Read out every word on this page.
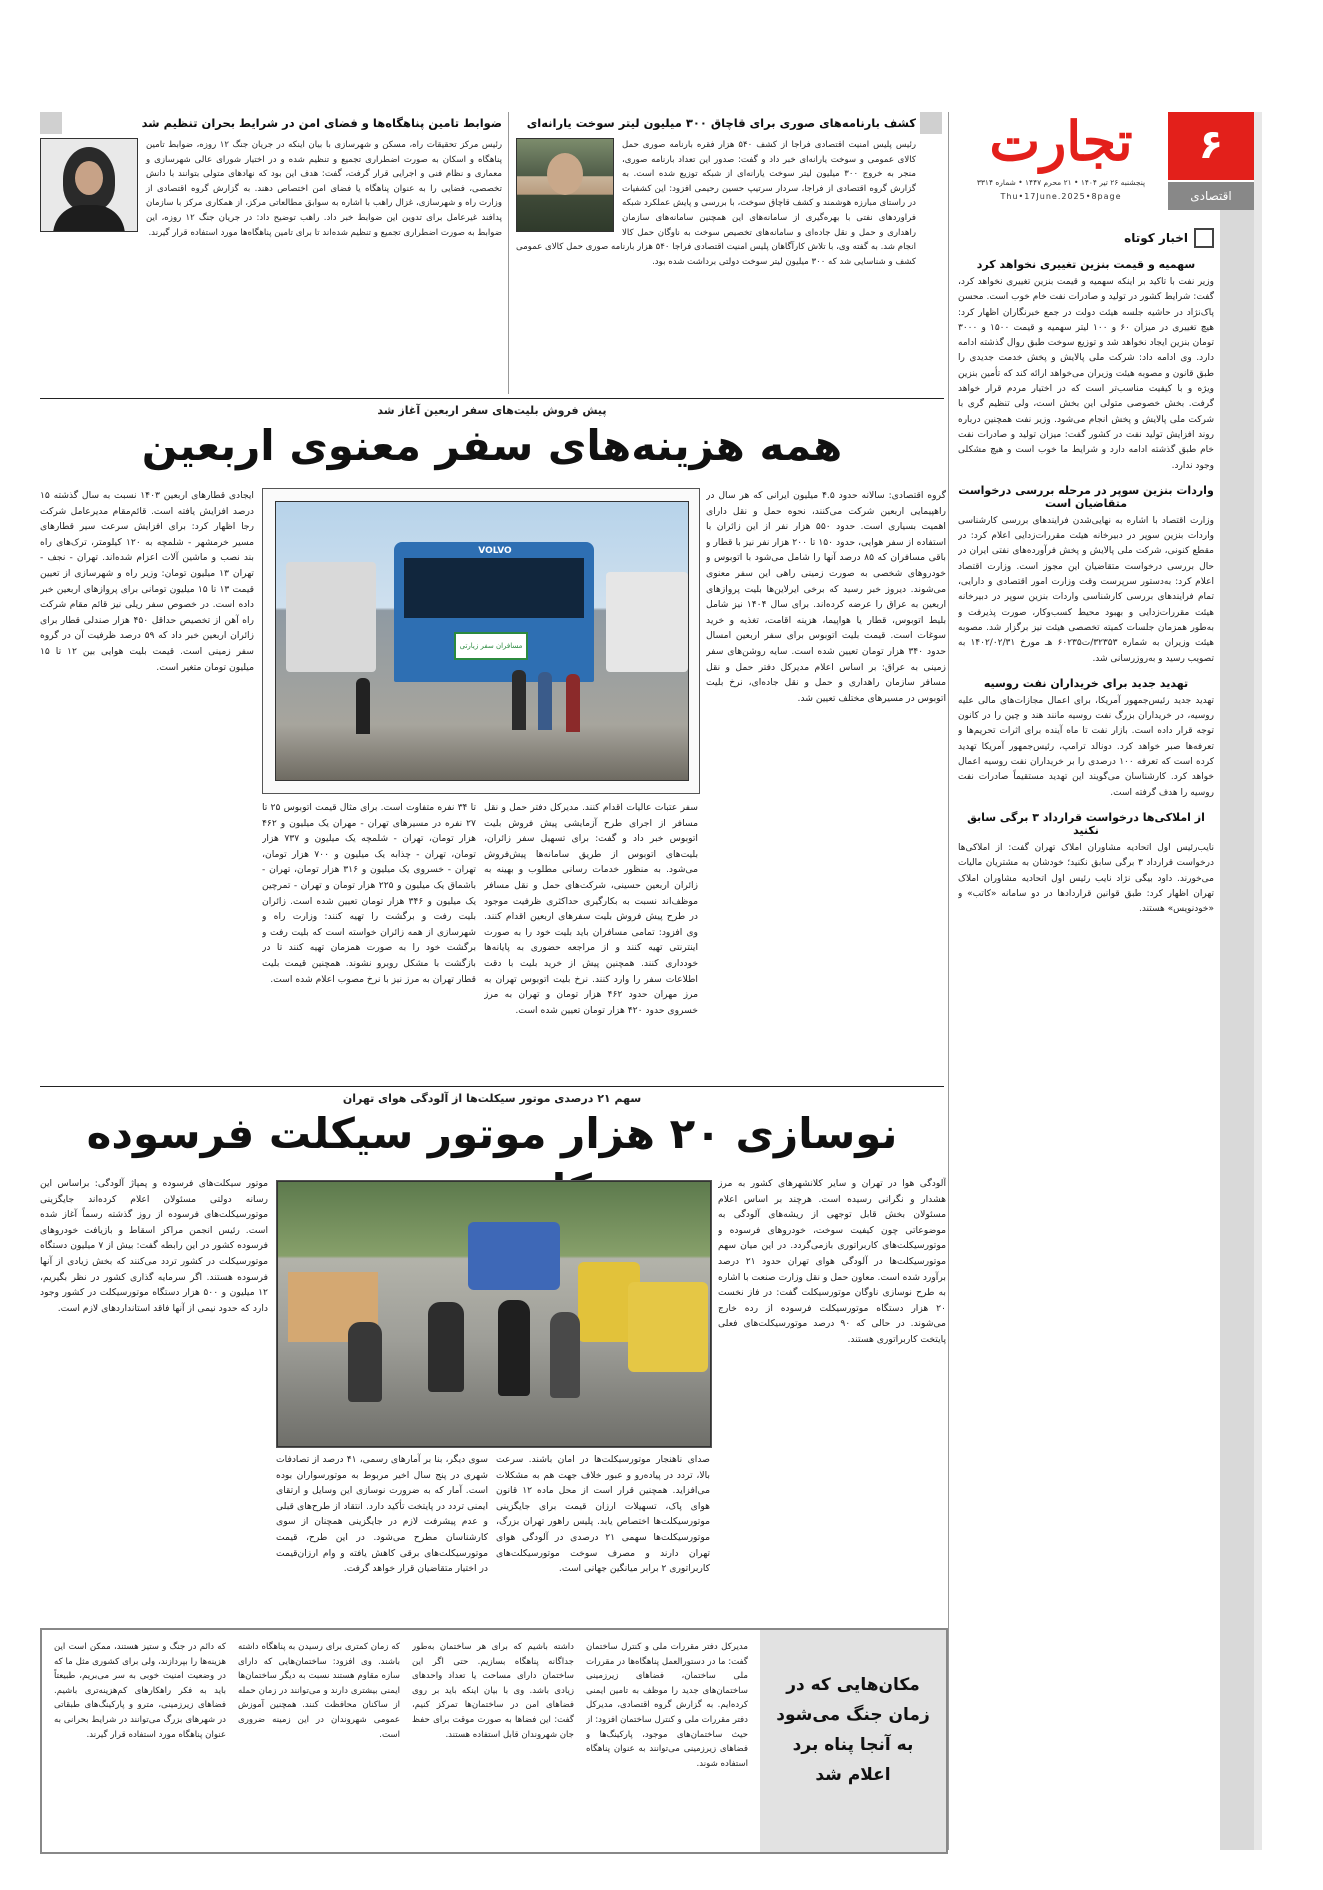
۶
اقتصادی
تجارت
پنجشنبه ۲۶ تیر ۱۴۰۴ • ۲۱ محرم ۱۴۴۷ • شماره ۳۳۱۴
Thu•17June.2025•8page
اخبار کوتاه
سهمیه و قیمت بنزین تغییری نخواهد کرد

وزیر نفت با تاکید بر اینکه سهمیه و قیمت بنزین تغییری نخواهد کرد، گفت: شرایط کشور در تولید و صادرات نفت خام خوب است. محسن پاک‌نژاد در حاشیه جلسه هیئت دولت در جمع خبرنگاران اظهار کرد: هیچ تغییری در میزان ۶۰ و ۱۰۰ لیتر سهمیه و قیمت ۱۵۰۰ و ۳۰۰۰ تومان بنزین ایجاد نخواهد شد و توزیع سوخت طبق روال گذشته ادامه دارد. وی ادامه داد: شرکت ملی پالایش و پخش خدمت جدیدی را طبق قانون و مصوبه هیئت وزیران می‌خواهد ارائه کند که تأمین بنزین ویژه و با کیفیت مناسب‌تر است که در اختیار مردم قرار خواهد گرفت. بخش خصوصی متولی این بخش است، ولی تنظیم گری با شرکت ملی پالایش و پخش انجام می‌شود. وزیر نفت همچنین درباره روند افزایش تولید نفت در کشور گفت: میزان تولید و صادرات نفت خام طبق گذشته ادامه دارد و شرایط ما خوب است و هیچ مشکلی وجود ندارد.

واردات بنزین سوپر در مرحله بررسی درخواست متقاضیان است

وزارت اقتصاد با اشاره به نهایی‌شدن فرایندهای بررسی کارشناسی واردات بنزین سوپر در دبیرخانه هیئت مقررات‌زدایی اعلام کرد: در مقطع کنونی، شرکت ملی پالایش و پخش فرآورده‌های نفتی ایران در حال بررسی درخواست متقاضیان این مجوز است. وزارت اقتصاد اعلام کرد: به‌دستور سرپرست وقت وزارت امور اقتصادی و دارایی، تمام فرایندهای بررسی کارشناسی واردات بنزین سوپر در دبیرخانه هیئت مقررات‌زدایی و بهبود محیط کسب‌وکار، صورت پذیرفت و به‌طور همزمان جلسات کمیته تخصصی هیئت نیز برگزار شد. مصوبه هیئت وزیران به شماره ۳۲۳۵۳/ت۶۰۲۳۵ هـ مورخ ۱۴۰۲/۰۲/۳۱ به تصویب رسید و به‌روزرسانی شد.

تهدید جدید برای خریداران نفت روسیه

تهدید جدید رئیس‌جمهور آمریکا، برای اعمال مجازات‌های مالی علیه روسیه، در خریداران بزرگ نفت روسیه مانند هند و چین را در کانون توجه قرار داده است. بازار نفت تا ماه آینده برای اثرات تحریم‌ها و تعرفه‌ها صبر خواهد کرد. دونالد ترامپ، رئیس‌جمهور آمریکا تهدید کرده است که تعرفه ۱۰۰ درصدی را بر خریداران نفت روسیه اعمال خواهد کرد. کارشناسان می‌گویند این تهدید مستقیماً صادرات نفت روسیه را هدف گرفته است.

از املاکی‌ها درخواست قرارداد ۳ برگی سابق نکنید

نایب‌رئیس اول اتحادیه مشاوران املاک تهران گفت: از املاکی‌ها درخواست قرارداد ۳ برگی سابق نکنید؛ خودشان به مشتریان مالیات می‌خورند. داود بیگی نژاد نایب رئیس اول اتحادیه مشاوران املاک تهران اظهار کرد: طبق قوانین قراردادها در دو سامانه «کاتب» و «خودنویس» هستند.

کشف بارنامه‌های صوری برای قاچاق ۳۰۰ میلیون لیتر سوخت یارانه‌ای
رئیس پلیس امنیت اقتصادی فراجا از کشف ۵۴۰ هزار فقره بارنامه صوری حمل کالای عمومی و سوخت یارانه‌ای خبر داد و گفت: صدور این تعداد بارنامه صوری، منجر به خروج ۳۰۰ میلیون لیتر سوخت یارانه‌ای از شبکه توزیع شده است. به گزارش گروه اقتصادی از فراجا، سردار سرتیپ حسین رحیمی افزود: این کشفیات در راستای مبارزه هوشمند و کشف قاچاق سوخت، با بررسی و پایش عملکرد شبکه فراوردهای نفتی با بهره‌گیری از سامانه‌های این همچنین سامانه‌های سازمان راهداری و حمل و نقل جاده‌ای و سامانه‌های تخصیص سوخت به ناوگان حمل کالا انجام شد. به گفته وی، با تلاش کارآگاهان پلیس امنیت اقتصادی فراجا ۵۴۰ هزار بارنامه صوری حمل کالای عمومی کشف و شناسایی شد که ۳۰۰ میلیون لیتر سوخت دولتی برداشت شده بود.
ضوابط تامین پناهگاه‌ها و فضای امن در شرایط بحران تنظیم شد
رئیس مرکز تحقیقات راه، مسکن و شهرسازی با بیان اینکه در جریان جنگ ۱۲ روزه، ضوابط تامین پناهگاه و اسکان به صورت اضطراری تجمیع و تنظیم شده و در اختیار شورای عالی شهرسازی و معماری و نظام فنی و اجرایی قرار گرفت، گفت: هدف این بود که نهادهای متولی بتوانند با دانش تخصصی، فضایی را به عنوان پناهگاه یا فضای امن اختصاص دهند. به گزارش گروه اقتصادی از وزارت راه و شهرسازی، غزال راهب با اشاره به سوابق مطالعاتی مرکز، از همکاری مرکز با سازمان پدافند غیرعامل برای تدوین این ضوابط خبر داد. راهب توضیح داد: در جریان جنگ ۱۲ روزه، این ضوابط به صورت اضطراری تجمیع و تنظیم شده‌اند تا برای تامین پناهگاه‌ها مورد استفاده قرار گیرند.
پیش فروش بلیت‌های سفر اربعین آغاز شد
همه هزینه‌های سفر معنوی اربعین

گروه اقتصادی: سالانه حدود ۴.۵ میلیون ایرانی که هر سال در راهپیمایی اربعین شرکت می‌کنند، نحوه حمل و نقل دارای اهمیت بسیاری است. حدود ۵۵۰ هزار نفر از این زائران با استفاده از سفر هوایی، حدود ۱۵۰ تا ۲۰۰ هزار نفر نیز با قطار و باقی مسافران که ۸۵ درصد آنها را شامل می‌شود با اتوبوس و خودروهای شخصی به صورت زمینی راهی این سفر معنوی می‌شوند. دیروز خبر رسید که برخی ایرلاین‌ها بلیت پروازهای اربعین به عراق را عرضه کرده‌اند. برای سال ۱۴۰۴ نیز شامل بلیط اتوبوس، قطار یا هواپیما، هزینه اقامت، تغذیه و خرید سوغات است. قیمت بلیت اتوبوس برای سفر اربعین امسال حدود ۳۴۰ هزار تومان تعیین شده است. سایه روشن‌های سفر زمینی به عراق: بر اساس اعلام مدیرکل دفتر حمل و نقل مسافر سازمان راهداری و حمل و نقل جاده‌ای، نرخ بلیت اتوبوس در مسیرهای مختلف تعیین شد.

VOLVO
مسافران سفر زیارتی

سفر عتبات عالیات اقدام کنند. مدیرکل دفتر حمل و نقل مسافر از اجرای طرح آزمایشی پیش فروش بلیت اتوبوس خبر داد و گفت: برای تسهیل سفر زائران، بلیت‌های اتوبوس از طریق سامانه‌ها پیش‌فروش می‌شود. به منظور خدمات رسانی مطلوب و بهینه به زائران اربعین حسینی، شرکت‌های حمل و نقل مسافر موظف‌اند نسبت به بکارگیری حداکثری ظرفیت موجود در طرح پیش فروش بلیت سفرهای اربعین اقدام کنند. وی افزود: تمامی مسافران باید بلیت خود را به صورت اینترنتی تهیه کنند و از مراجعه حضوری به پایانه‌ها خودداری کنند. همچنین پیش از خرید بلیت با دقت اطلاعات سفر را وارد کنند. نرخ بلیت اتوبوس تهران به مرز مهران حدود ۴۶۲ هزار تومان و تهران به مرز خسروی حدود ۴۲۰ هزار تومان تعیین شده است.

تا ۳۴ نفره متفاوت است. برای مثال قیمت اتوبوس ۲۵ تا ۲۷ نفره در مسیرهای تهران - مهران یک میلیون و ۴۶۲ هزار تومان، تهران - شلمچه یک میلیون و ۷۳۷ هزار تومان، تهران - چذابه یک میلیون و ۷۰۰ هزار تومان، تهران - خسروی یک میلیون و ۳۱۶ هزار تومان، تهران - باشماق یک میلیون و ۲۲۵ هزار تومان و تهران - تمرچین یک میلیون و ۳۴۶ هزار تومان تعیین شده است. زائران بلیت رفت و برگشت را تهیه کنند: وزارت راه و شهرسازی از همه زائران خواسته است که بلیت رفت و برگشت خود را به صورت همزمان تهیه کنند تا در بازگشت با مشکل روبرو نشوند. همچنین قیمت بلیت قطار تهران به مرز نیز با نرخ مصوب اعلام شده است.

ایجادی قطارهای اربعین ۱۴۰۳ نسبت به سال گذشته ۱۵ درصد افزایش یافته است. قائم‌مقام مدیرعامل شرکت رجا اظهار کرد: برای افزایش سرعت سیر قطارهای مسیر خرمشهر - شلمچه به ۱۲۰ کیلومتر، ترک‌های راه بند نصب و ماشین آلات اعزام شده‌اند. تهران - نجف - تهران ۱۳ میلیون تومان: وزیر راه و شهرسازی از تعیین قیمت ۱۳ تا ۱۵ میلیون تومانی برای پروازهای اربعین خبر داده است. در خصوص سفر ریلی نیز قائم مقام شرکت راه آهن از تخصیص حداقل ۴۵۰ هزار صندلی قطار برای زائران اربعین خبر داد که ۵۹ درصد ظرفیت آن در گروه سفر زمینی است. قیمت بلیت هوایی بین ۱۲ تا ۱۵ میلیون تومان متغیر است.

سهم ۲۱ درصدی موتور سیکلت‌ها از آلودگی هوای تهران
نوسازی ۲۰ هزار موتور سیکلت فرسوده

آلودگی هوا در تهران و سایر کلانشهرهای کشور به مرز هشدار و نگرانی رسیده است. هرچند بر اساس اعلام مسئولان بخش قابل توجهی از ریشه‌های آلودگی به موضوعاتی چون کیفیت سوخت، خودروهای فرسوده و موتورسیکلت‌های کاربراتوری بازمی‌گردد. در این میان سهم موتورسیکلت‌ها در آلودگی هوای تهران حدود ۲۱ درصد برآورد شده است. معاون حمل و نقل وزارت صنعت با اشاره به طرح نوسازی ناوگان موتورسیکلت گفت: در فاز نخست ۲۰ هزار دستگاه موتورسیکلت فرسوده از رده خارج می‌شوند. در حالی که ۹۰ درصد موتورسیکلت‌های فعلی پایتخت کاربراتوری هستند.

صدای ناهنجار موتورسیکلت‌ها در امان باشند. سرعت بالا، تردد در پیاده‌رو و عبور خلاف جهت هم به مشکلات می‌افزاید. همچنین قرار است از محل ماده ۱۲ قانون هوای پاک، تسهیلات ارزان قیمت برای جایگزینی موتورسیکلت‌ها اختصاص یابد. پلیس راهور تهران بزرگ، موتورسیکلت‌ها سهمی ۲۱ درصدی در آلودگی هوای تهران دارند و مصرف سوخت موتورسیکلت‌های کاربراتوری ۲ برابر میانگین جهانی است.

سوی دیگر، بنا بر آمارهای رسمی، ۴۱ درصد از تصادفات شهری در پنج سال اخیر مربوط به موتورسواران بوده است. آمار که به ضرورت نوسازی این وسایل و ارتقای ایمنی تردد در پایتخت تأکید دارد. انتقاد از طرح‌های قبلی و عدم پیشرفت لازم در جایگزینی همچنان از سوی کارشناسان مطرح می‌شود. در این طرح، قیمت موتورسیکلت‌های برقی کاهش یافته و وام ارزان‌قیمت در اختیار متقاضیان قرار خواهد گرفت.

موتور سیکلت‌های فرسوده و پمپاژ آلودگی: براساس این رسانه دولتی مسئولان اعلام کرده‌اند جایگزینی موتورسیکلت‌های فرسوده از روز گذشته رسماً آغاز شده است. رئیس انجمن مراکز اسقاط و بازیافت خودروهای فرسوده کشور در این رابطه گفت: بیش از ۷ میلیون دستگاه موتورسیکلت در کشور تردد می‌کنند که بخش زیادی از آنها فرسوده هستند. اگر سرمایه گذاری کشور در نظر بگیریم، ۱۲ میلیون و ۵۰۰ هزار دستگاه موتورسیکلت در کشور وجود دارد که حدود نیمی از آنها فاقد استانداردهای لازم است.

مکان‌هایی که در زمان جنگ می‌شود به آنجا پناه برد اعلام شد
مدیرکل دفتر مقررات ملی و کنترل ساختمان گفت: ما در دستورالعمل پناهگاه‌ها در مقررات ملی ساختمان، فضاهای زیرزمینی ساختمان‌های جدید را موظف به تامین ایمنی کرده‌ایم. به گزارش گروه اقتصادی، مدیرکل دفتر مقررات ملی و کنترل ساختمان افزود: از حیث ساختمان‌های موجود، پارکینگ‌ها و فضاهای زیرزمینی می‌توانند به عنوان پناهگاه استفاده شوند.
داشته باشیم که برای هر ساختمان به‌طور جداگانه پناهگاه بسازیم. حتی اگر این ساختمان دارای مساحت یا تعداد واحدهای زیادی باشد. وی با بیان اینکه باید بر روی فضاهای امن در ساختمان‌ها تمرکز کنیم، گفت: این فضاها به صورت موقت برای حفظ جان شهروندان قابل استفاده هستند.
که زمان کمتری برای رسیدن به پناهگاه داشته باشند. وی افزود: ساختمان‌هایی که دارای سازه مقاوم هستند نسبت به دیگر ساختمان‌ها ایمنی بیشتری دارند و می‌توانند در زمان حمله از ساکنان محافظت کنند. همچنین آموزش عمومی شهروندان در این زمینه ضروری است.
که دائم در جنگ و ستیز هستند، ممکن است این هزینه‌ها را بپردازند، ولی برای کشوری مثل ما که در وضعیت امنیت خوبی به سر می‌بریم، طبیعتاً باید به فکر راهکارهای کم‌هزینه‌تری باشیم. فضاهای زیرزمینی، مترو و پارکینگ‌های طبقاتی در شهرهای بزرگ می‌توانند در شرایط بحرانی به عنوان پناهگاه مورد استفاده قرار گیرند.
